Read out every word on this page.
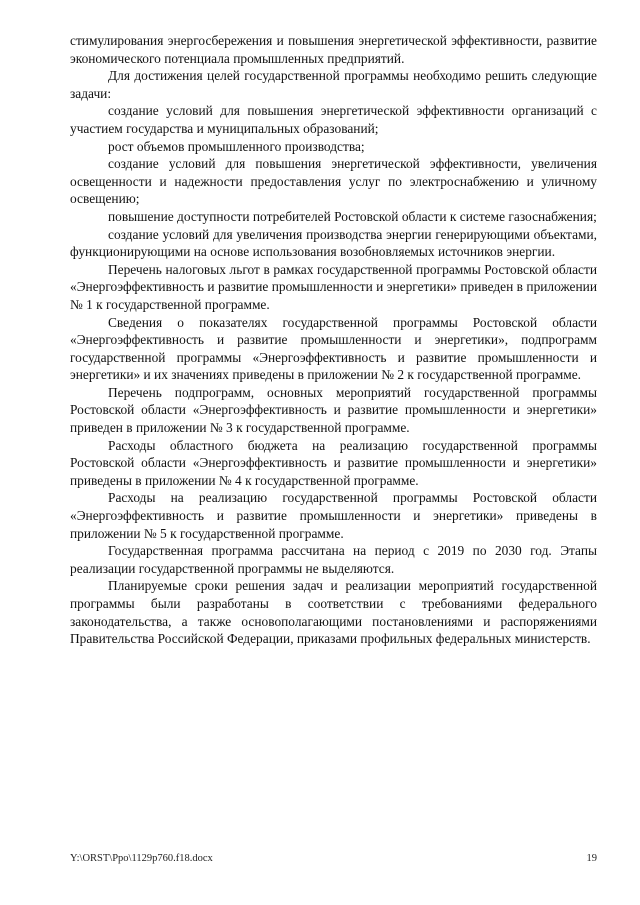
стимулирования энергосбережения и повышения энергетической эффективности, развитие экономического потенциала промышленных предприятий.

Для достижения целей государственной программы необходимо решить следующие задачи:

создание условий для повышения энергетической эффективности организаций с участием государства и муниципальных образований;

рост объемов промышленного производства;

создание условий для повышения энергетической эффективности, увеличения освещенности и надежности предоставления услуг по электроснабжению и уличному освещению;

повышение доступности потребителей Ростовской области к системе газоснабжения;

создание условий для увеличения производства энергии генерирующими объектами, функционирующими на основе использования возобновляемых источников энергии.

Перечень налоговых льгот в рамках государственной программы Ростовской области «Энергоэффективность и развитие промышленности и энергетики» приведен в приложении № 1 к государственной программе.

Сведения о показателях государственной программы Ростовской области «Энергоэффективность и развитие промышленности и энергетики», подпрограмм государственной программы «Энергоэффективность и развитие промышленности и энергетики» и их значениях приведены в приложении № 2 к государственной программе.

Перечень подпрограмм, основных мероприятий государственной программы Ростовской области «Энергоэффективность и развитие промышленности и энергетики» приведен в приложении № 3 к государственной программе.

Расходы областного бюджета на реализацию государственной программы Ростовской области «Энергоэффективность и развитие промышленности и энергетики» приведены в приложении № 4 к государственной программе.

Расходы на реализацию государственной программы Ростовской области «Энергоэффективность и развитие промышленности и энергетики» приведены в приложении № 5 к государственной программе.

Государственная программа рассчитана на период с 2019 по 2030 год. Этапы реализации государственной программы не выделяются.

Планируемые сроки решения задач и реализации мероприятий государственной программы были разработаны в соответствии с требованиями федерального законодательства, а также основополагающими постановлениями и распоряжениями Правительства Российской Федерации, приказами профильных федеральных министерств.

Y:\ORST\Ppo\1129p760.f18.docx	19
